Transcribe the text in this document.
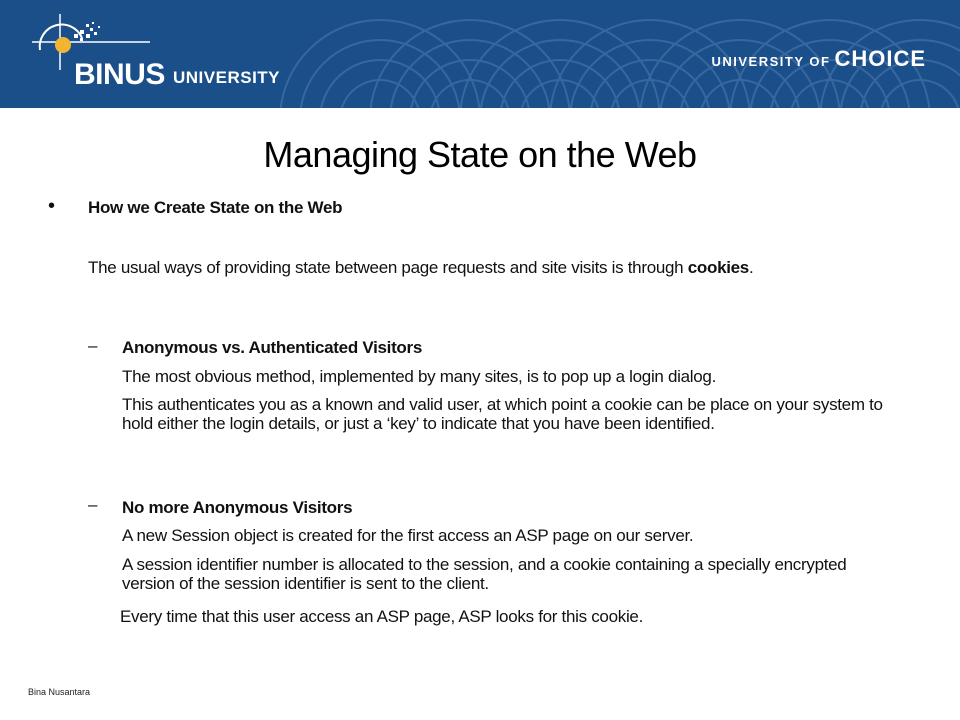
BINUS UNIVERSITY
UNIVERSITY OF CHOICE
Managing State on the Web
• How we Create State on the Web
The usual ways of providing state between page requests and site visits is through cookies.
– Anonymous vs. Authenticated Visitors
The most obvious method, implemented by many sites, is to pop up a login dialog.
This authenticates you as a known and valid user, at which point a cookie can be place on your system to hold either the login details, or just a ‘key’ to indicate that you have been identified.
– No more Anonymous Visitors
A new Session object is created for the first access an ASP page on our server.
A session identifier number is allocated to the session, and a cookie containing a specially encrypted version of the session identifier is sent to the client.
Every time that this user access an ASP page, ASP looks for this cookie.
Bina Nusantara
